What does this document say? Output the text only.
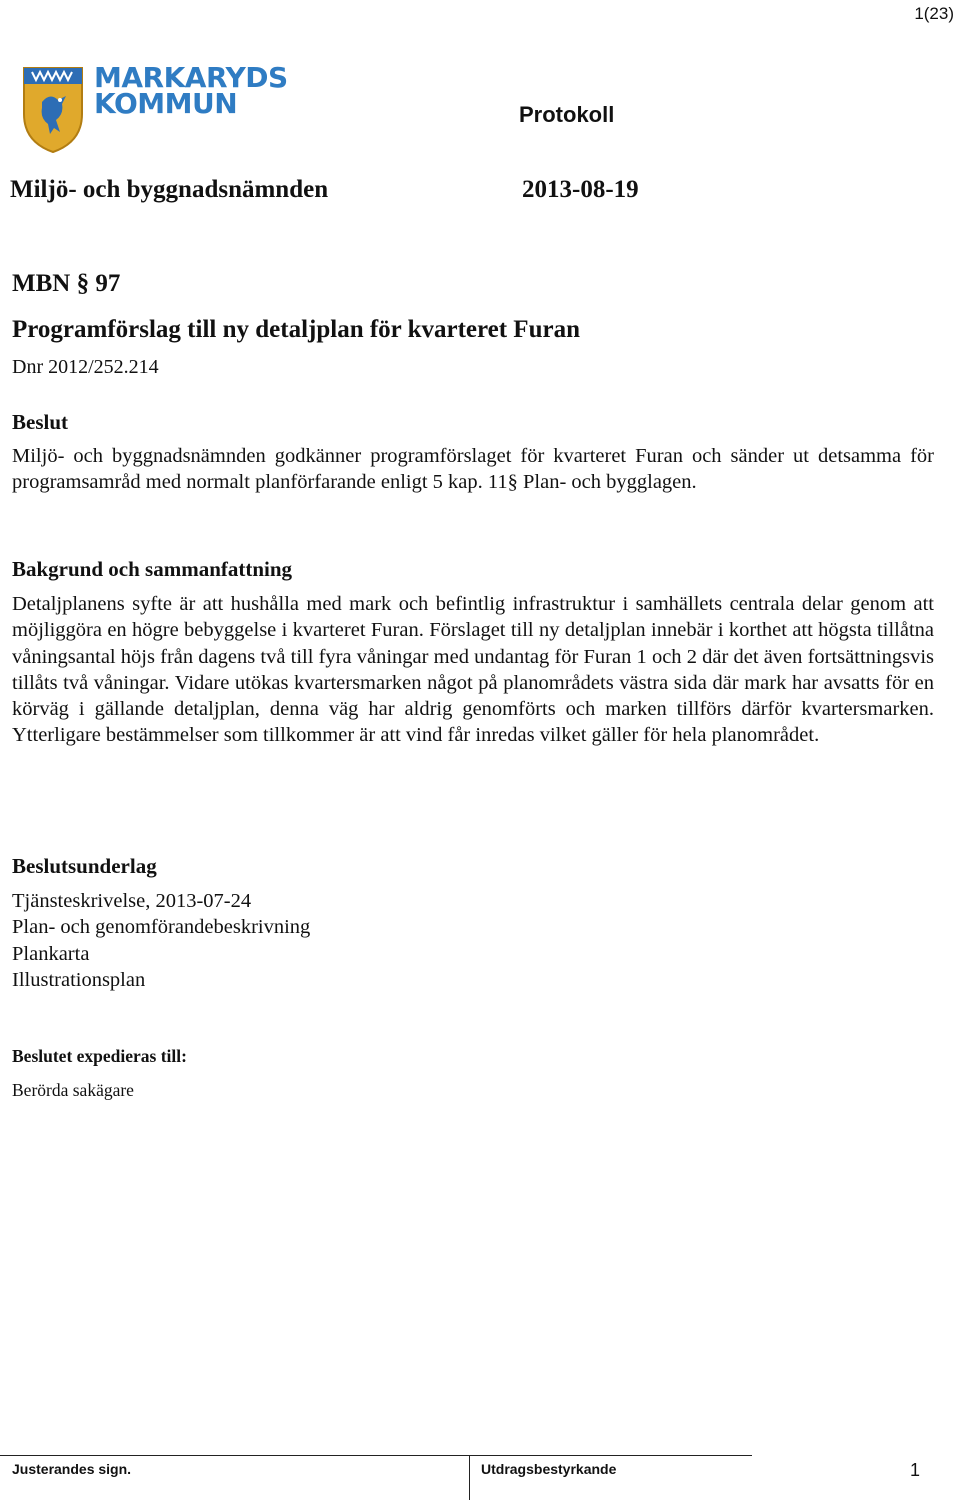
1(23)
MARKARYDS
KOMMUN	Protokoll
Miljö- och byggnadsnämnden	2013-08-19
MBN § 97
Programförslag till ny detaljplan för kvarteret Furan
Dnr 2012/252.214
Beslut
Miljö- och byggnadsnämnden godkänner programförslaget för kvarteret Furan och sänder ut detsamma för programsamråd med normalt planförfarande enligt 5 kap. 11§ Plan- och bygglagen.
Bakgrund och sammanfattning
Detaljplanens syfte är att hushålla med mark och befintlig infrastruktur i samhällets centrala delar genom att möjliggöra en högre bebyggelse i kvarteret Furan. Förslaget till ny detaljplan innebär i korthet att högsta tillåtna våningsantal höjs från dagens två till fyra våningar med undantag för Furan 1 och 2 där det även fortsättningsvis tillåts två våningar. Vidare utökas kvartersmarken något på planområdets västra sida där mark har avsatts för en körväg i gällande detaljplan, denna väg har aldrig genomförts och marken tillförs därför kvartersmarken. Ytterligare bestämmelser som tillkommer är att vind får inredas vilket gäller för hela planområdet.
Beslutsunderlag
Tjänsteskrivelse, 2013-07-24
Plan- och genomförandebeskrivning
Plankarta
Illustrationsplan
Beslutet expedieras till:
Berörda sakägare
Justerandes sign.	Utdragsbestyrkande	1
